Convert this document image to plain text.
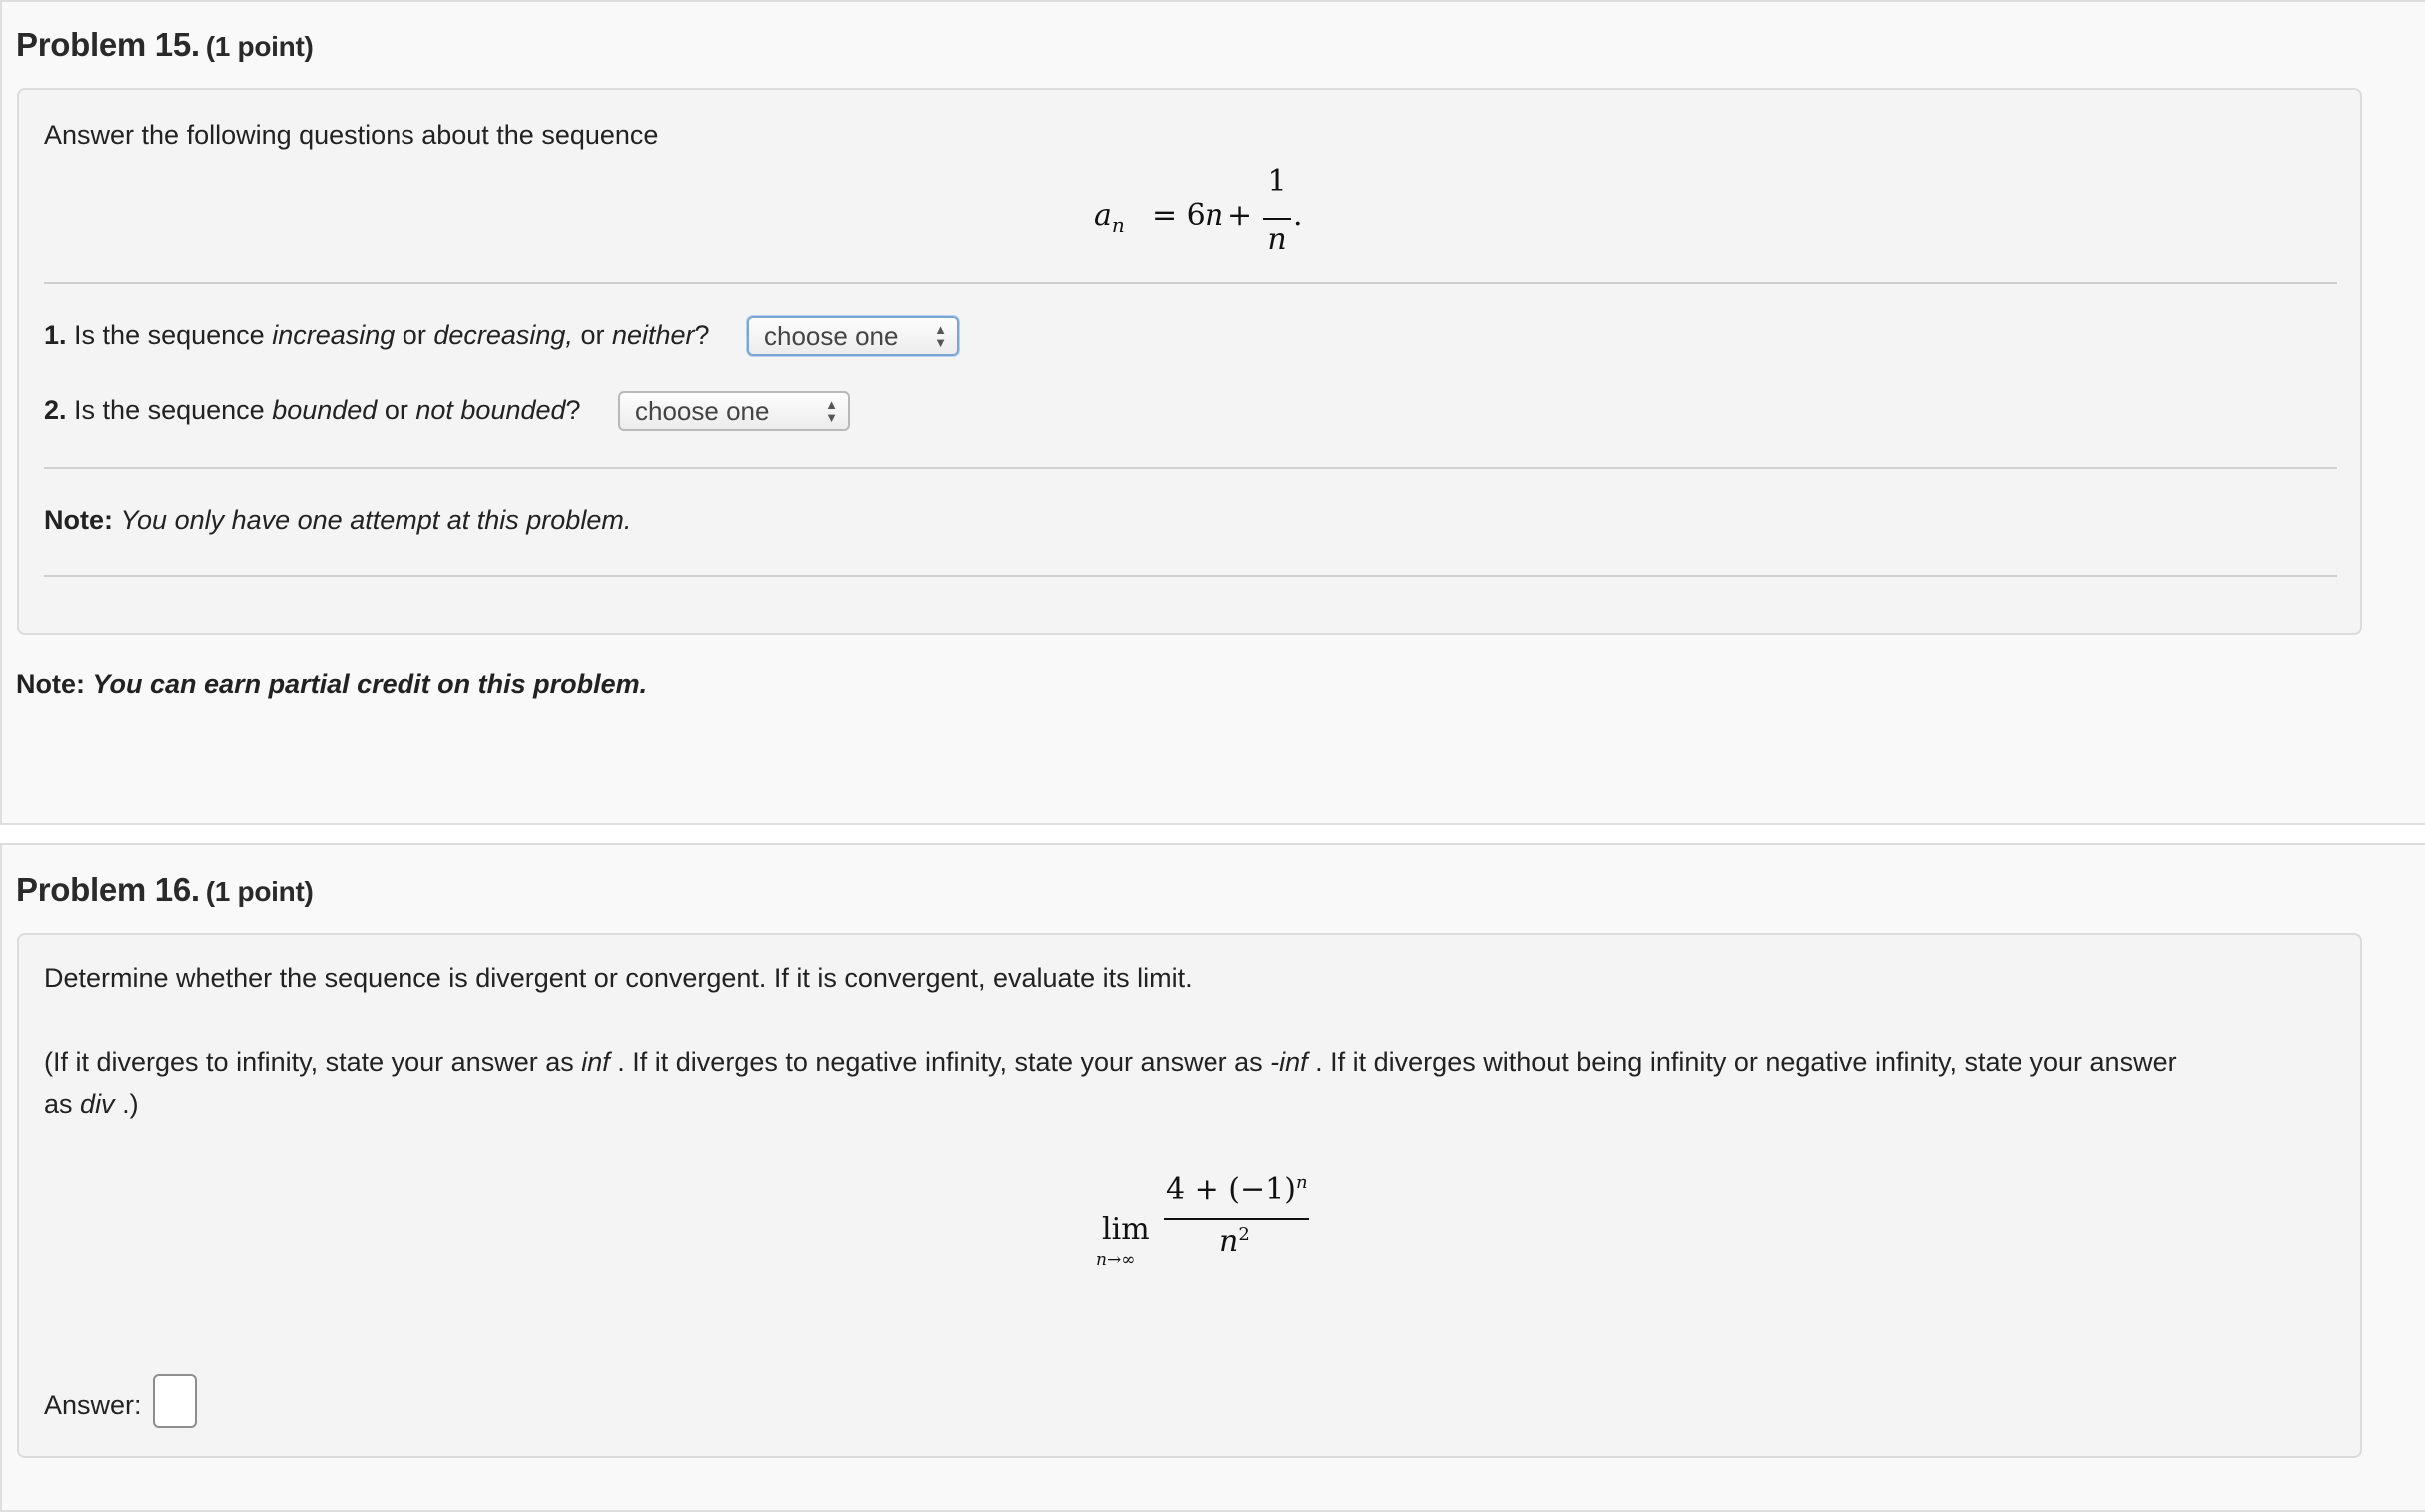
Problem 15. (1 point)
Answer the following questions about the sequence
$a_n = 6$ n +
1
n
.
1. Is the sequence increasing or decreasing, or neither?	choose one	▲
▼
2. Is the sequence bounded or not bounded?	choose one	▲
▼
Note: You only have one attempt at this problem.
Note: You can earn partial credit on this problem.
Problem 16. (1 point)
Determine whether the sequence is divergent or convergent. If it is convergent, evaluate its limit.
(If it diverges to infinity, state your answer as inf . If it diverges to negative infinity, state your answer as -inf . If it diverges without being infinity or negative infinity, state your answer
as div .)
lim
n→∞
$4 + (-1)^n$
$n^2$
Answer:
